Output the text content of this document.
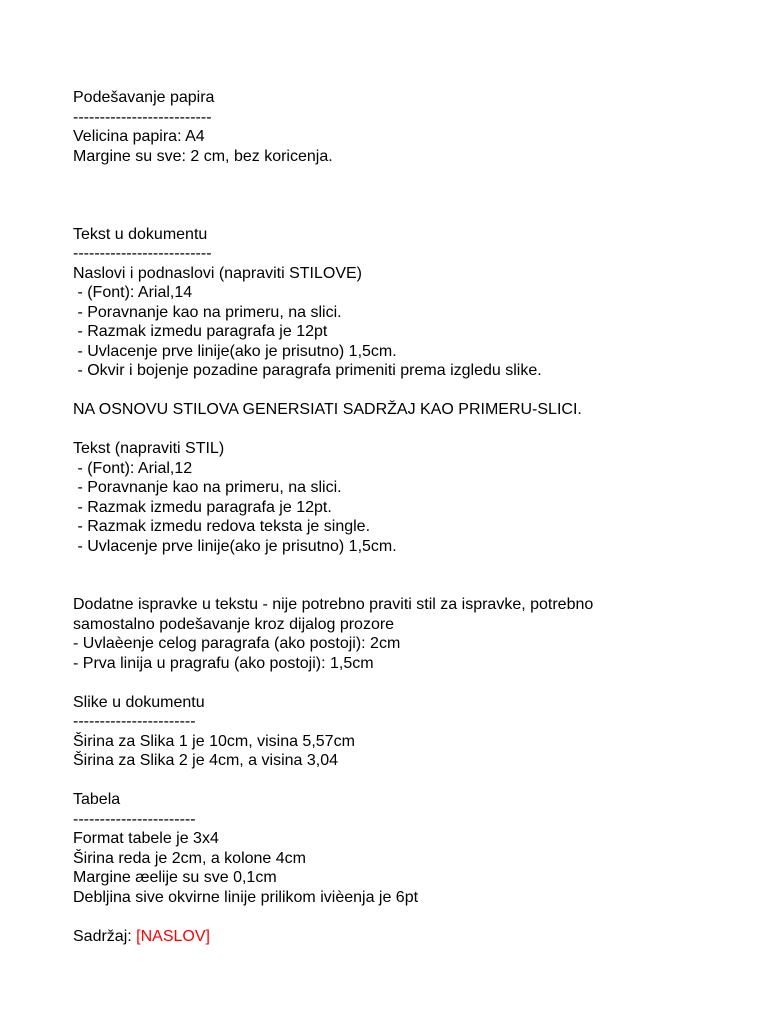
Podešavanje papira
--------------------------
Velicina papira: A4
Margine su sve: 2 cm, bez koricenja.
Tekst u dokumentu
--------------------------
Naslovi i podnaslovi (napraviti STILOVE)
- (Font): Arial,14
- Poravnanje kao na primeru, na slici.
- Razmak izmedu paragrafa je 12pt
- Uvlacenje prve linije(ako je prisutno) 1,5cm.
- Okvir i bojenje pozadine paragrafa primeniti prema izgledu slike.
NA OSNOVU STILOVA GENERSIATI SADRŽAJ KAO PRIMERU-SLICI.
Tekst (napraviti STIL)
- (Font): Arial,12
- Poravnanje kao na primeru, na slici.
- Razmak izmedu paragrafa je 12pt.
- Razmak izmedu redova teksta je single.
- Uvlacenje prve linije(ako je prisutno) 1,5cm.
Dodatne ispravke u tekstu - nije potrebno praviti stil za ispravke, potrebno
samostalno podešavanje kroz dijalog prozore
- Uvlaèenje celog paragrafa (ako postoji): 2cm
- Prva linija u pragrafu (ako postoji): 1,5cm
Slike u dokumentu
-----------------------
Širina za Slika 1 je 10cm, visina 5,57cm
Širina za Slika 2 je 4cm, a visina 3,04
Tabela
-----------------------
Format tabele je 3x4
Širina reda je 2cm, a kolone 4cm
Margine æelije su sve 0,1cm
Debljina sive okvirne linije prilikom ivièenja je 6pt
Sadržaj: [NASLOV]
